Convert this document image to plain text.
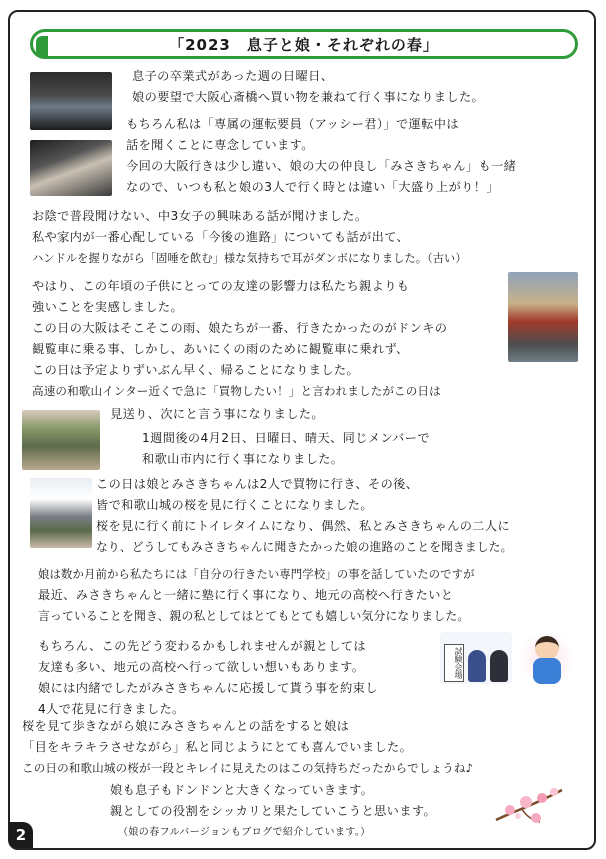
「2023　息子と娘・それぞれの春」
息子の卒業式があった週の日曜日、
娘の要望で大阪心斎橋へ買い物を兼ねて行く事になりました。
もちろん私は「専属の運転要員（アッシー君）」で運転中は
話を聞くことに専念しています。
今回の大阪行きは少し違い、娘の大の仲良し「みさきちゃん」も一緒
なので、いつも私と娘の3人で行く時とは違い「大盛り上がり！」
お陰で普段聞けない、中3女子の興味ある話が聞けました。
私や家内が一番心配している「今後の進路」についても話が出て、
ハンドルを握りながら「固唾を飲む」様な気持ちで耳がダンボになりました。（古い）
やはり、この年頃の子供にとっての友達の影響力は私たち親よりも
強いことを実感しました。
この日の大阪はそこそこの雨、娘たちが一番、行きたかったのがドンキの
観覧車に乗る事、しかし、あいにくの雨のために観覧車に乗れず、
この日は予定よりずいぶん早く、帰ることになりました。
高速の和歌山インター近くで急に「買物したい！」と言われましたがこの日は
見送り、次にと言う事になりました。
1週間後の4月2日、日曜日、晴天、同じメンバーで
和歌山市内に行く事になりました。
この日は娘とみさきちゃんは2人で買物に行き、その後、
皆で和歌山城の桜を見に行くことになりました。
桜を見に行く前にトイレタイムになり、偶然、私とみさきちゃんの二人に
なり、どうしてもみさきちゃんに聞きたかった娘の進路のことを聞きました。
娘は数か月前から私たちには「自分の行きたい専門学校」の事を話していたのですが
最近、みさきちゃんと一緒に塾に行く事になり、地元の高校へ行きたいと
言っていることを聞き、親の私としてはとてもとても嬉しい気分になりました。
もちろん、この先どう変わるかもしれませんが親としては
友達も多い、地元の高校へ行って欲しい想いもあります。
娘には内緒でしたがみさきちゃんに応援して貰う事を約束し
4人で花見に行きました。
試験会場
桜を見て歩きながら娘にみさきちゃんとの話をすると娘は
「目をキラキラさせながら」私と同じようにとても喜んでいました。
この日の和歌山城の桜が一段とキレイに見えたのはこの気持ちだったからでしょうね♪
娘も息子もドンドンと大きくなっていきます。
親としての役割をシッカリと果たしていこうと思います。
（娘の春フルバージョンもブログで紹介しています。）
2
